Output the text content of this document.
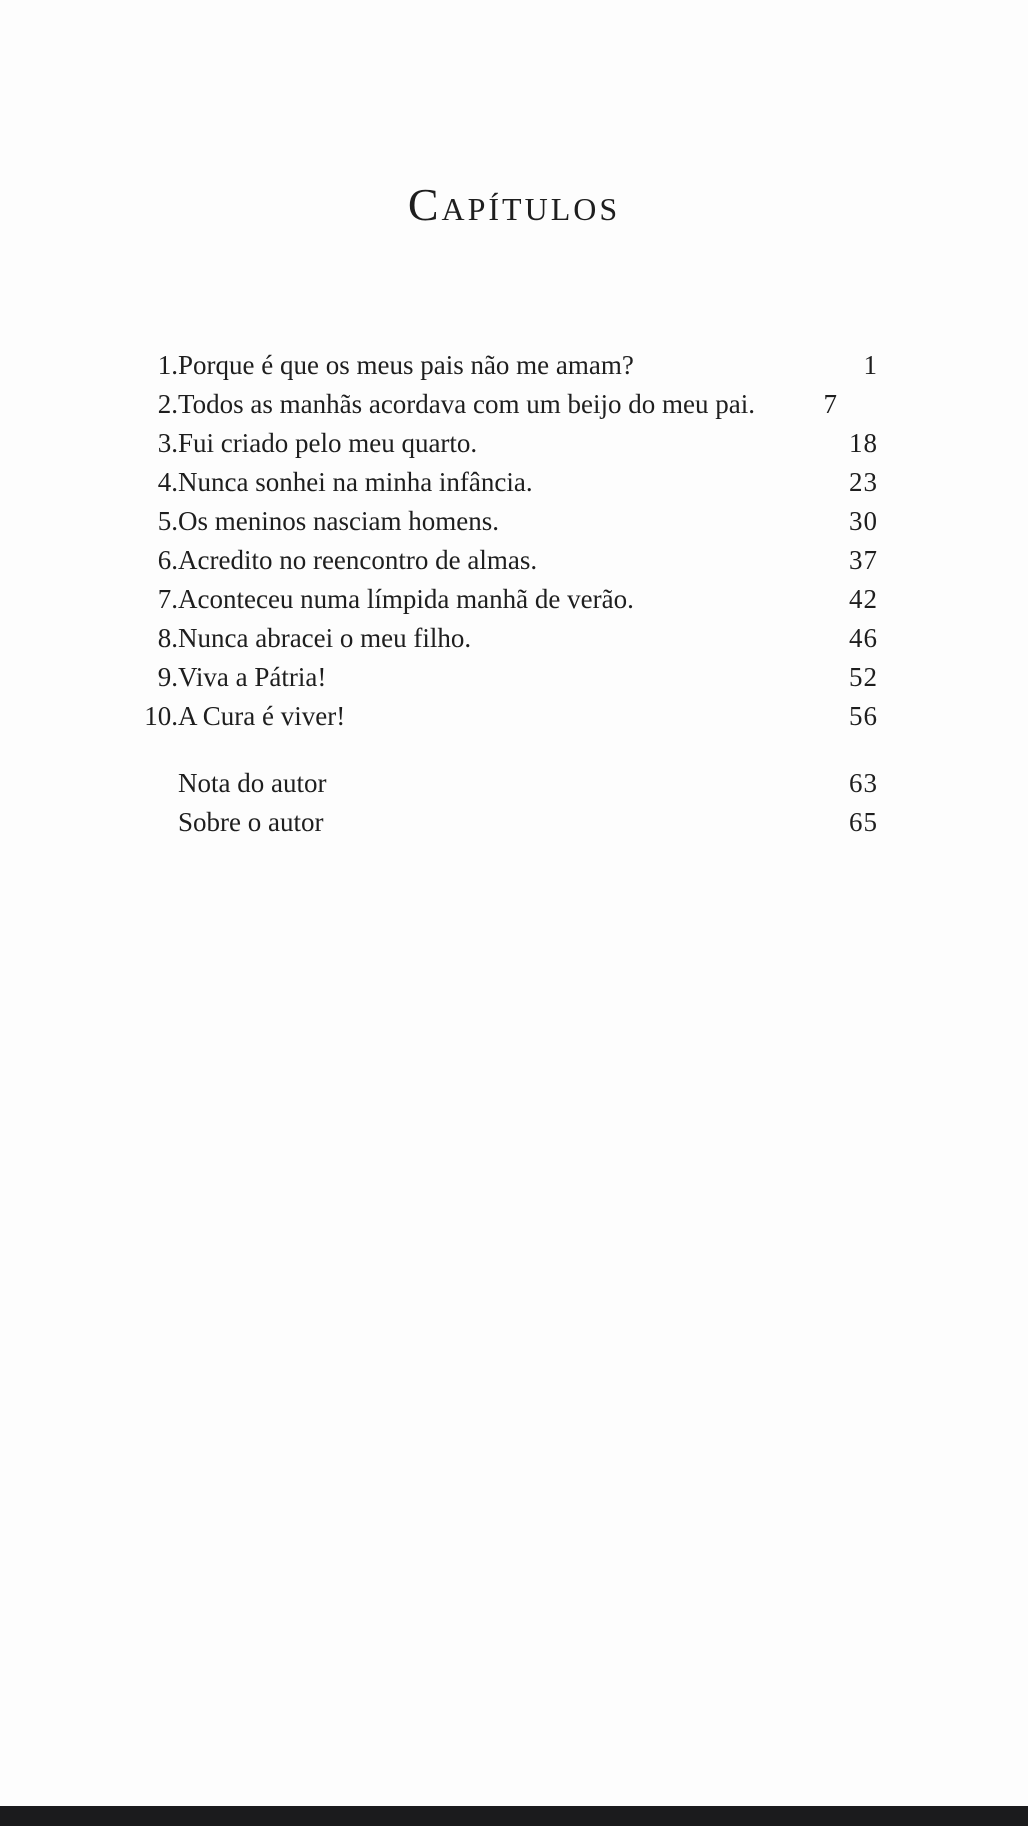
Capítulos
1. Porque é que os meus pais não me amam?	1
2. Todos as manhãs acordava com um beijo do meu pai.	7
3. Fui criado pelo meu quarto.	18
4. Nunca sonhei na minha infância.	23
5. Os meninos nasciam homens.	30
6. Acredito no reencontro de almas.	37
7. Aconteceu numa límpida manhã de verão.	42
8. Nunca abracei o meu filho.	46
9. Viva a Pátria!	52
10. A Cura é viver!	56
Nota do autor	63
Sobre o autor	65
